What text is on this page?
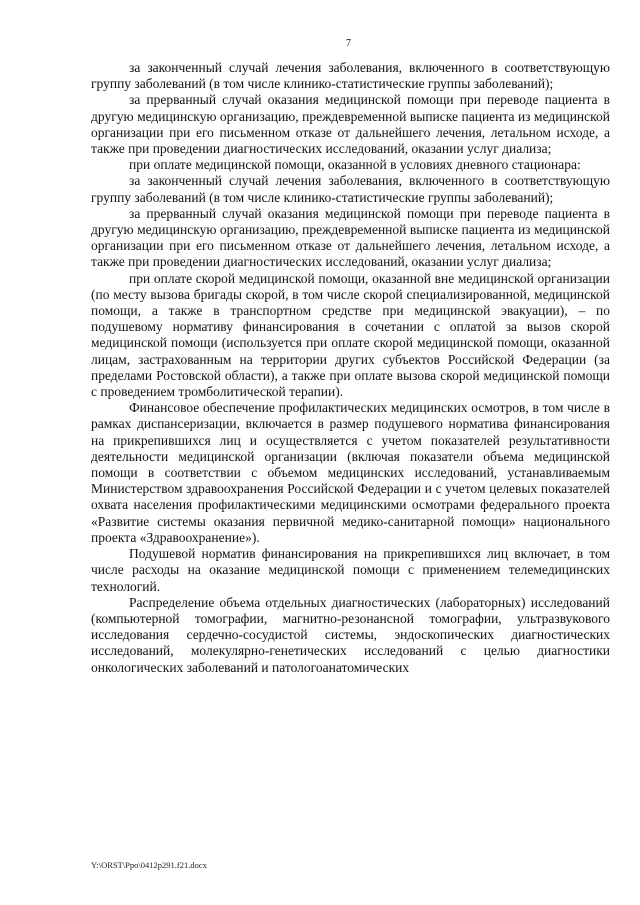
7

за законченный случай лечения заболевания, включенного в соответствующую группу заболеваний (в том числе клинико-статистические группы заболеваний);

за прерванный случай оказания медицинской помощи при переводе пациента в другую медицинскую организацию, преждевременной выписке пациента из медицинской организации при его письменном отказе от дальнейшего лечения, летальном исходе, а также при проведении диагностических исследований, оказании услуг диализа;

при оплате медицинской помощи, оказанной в условиях дневного стационара:

за законченный случай лечения заболевания, включенного в соответствующую группу заболеваний (в том числе клинико-статистические группы заболеваний);

за прерванный случай оказания медицинской помощи при переводе пациента в другую медицинскую организацию, преждевременной выписке пациента из медицинской организации при его письменном отказе от дальнейшего лечения, летальном исходе, а также при проведении диагностических исследований, оказании услуг диализа;

при оплате скорой медицинской помощи, оказанной вне медицинской организации (по месту вызова бригады скорой, в том числе скорой специализированной, медицинской помощи, а также в транспортном средстве при медицинской эвакуации), – по подушевому нормативу финансирования в сочетании с оплатой за вызов скорой медицинской помощи (используется при оплате скорой медицинской помощи, оказанной лицам, застрахованным на территории других субъектов Российской Федерации (за пределами Ростовской области), а также при оплате вызова скорой медицинской помощи с проведением тромболитической терапии).

Финансовое обеспечение профилактических медицинских осмотров, в том числе в рамках диспансеризации, включается в размер подушевого норматива финансирования на прикрепившихся лиц и осуществляется с учетом показателей результативности деятельности медицинской организации (включая показатели объема медицинской помощи в соответствии с объемом медицинских исследований, устанавливаемым Министерством здравоохранения Российской Федерации и с учетом целевых показателей охвата населения профилактическими медицинскими осмотрами федерального проекта «Развитие системы оказания первичной медико-санитарной помощи» национального проекта «Здравоохранение»).

Подушевой норматив финансирования на прикрепившихся лиц включает, в том числе расходы на оказание медицинской помощи с применением телемедицинских технологий.

Распределение объема отдельных диагностических (лабораторных) исследований (компьютерной томографии, магнитно-резонансной томографии, ультразвукового исследования сердечно-сосудистой системы, эндоскопических диагностических исследований, молекулярно-генетических исследований с целью диагностики онкологических заболеваний и патологоанатомических

Y:\ORST\Ppo\0412p291.f21.docx
